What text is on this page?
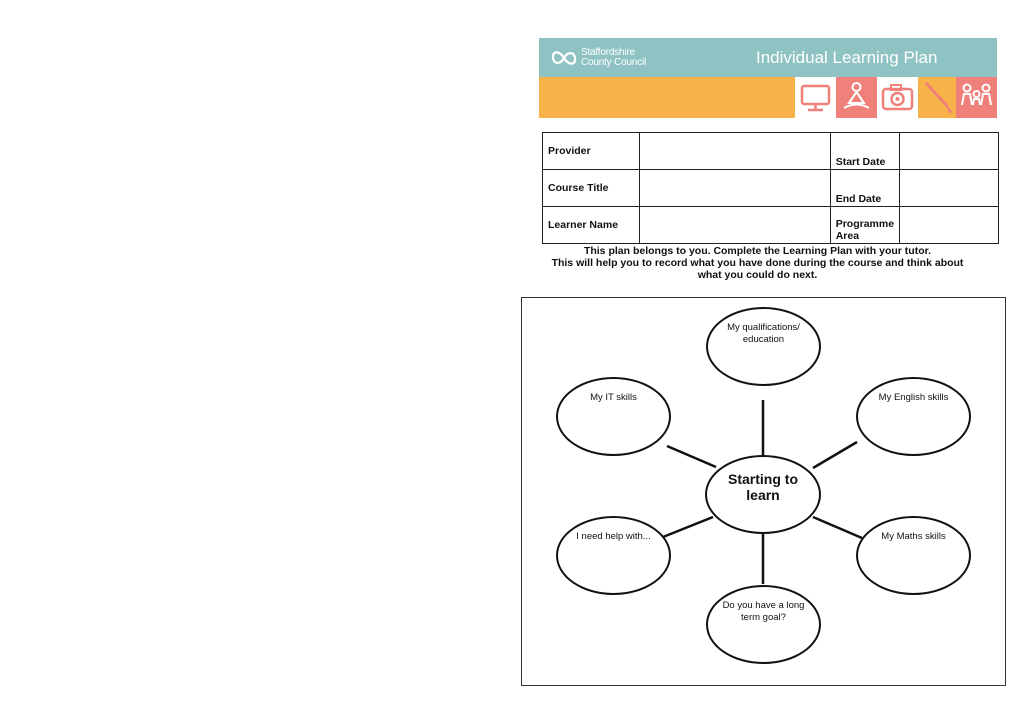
Staffordshire
County Council	Individual Learning Plan
ADULT &
COMMUNITY
LEARNING SERVICE
Provider		Start Date	
Course Title		End Date	
Learner Name		Programme
Area	

This plan belongs to you. Complete the Learning Plan with your tutor.
This will help you to record what you have done during the course and think about
what you could do next.
My qualifications/
education
My IT skills	My English skills
Starting to
learn
I need help with...	My Maths skills
Do you have a long
term goal?
